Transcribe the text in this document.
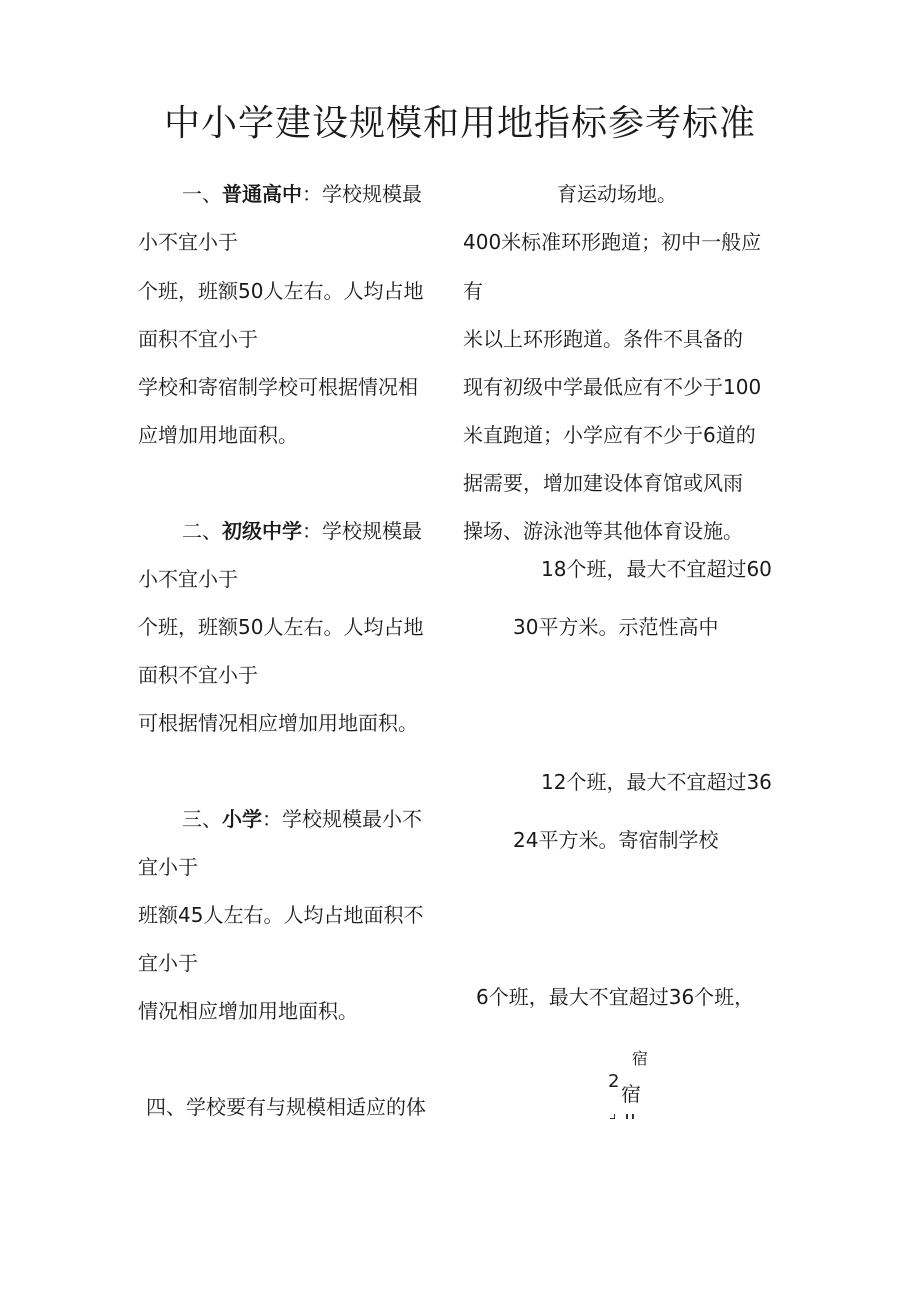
中小学建设规模和用地指标参考标准
一、普通高中：学校规模最
小不宜小于
个班，班额50人左右。人均占地
面积不宜小于
学校和寄宿制学校可根据情况相
应增加用地面积。
二、初级中学：学校规模最
小不宜小于
个班，班额50人左右。人均占地
面积不宜小于
可根据情况相应增加用地面积。
三、小学：学校规模最小不
宜小于
班额45人左右。人均占地面积不
宜小于
情况相应增加用地面积。
四、学校要有与规模相适应的体
育运动场地。
400米标准环形跑道；初中一般应
有
米以上环形跑道。条件不具备的
现有初级中学最低应有不少于100
米直跑道；小学应有不少于6道的
据需要，增加建设体育馆或风雨
操场、游泳池等其他体育设施。
18个班，最大不宜超过60
30平方米。示范性高中
12个班，最大不宜超过36
24平方米。寄宿制学校
6个班，最大不宜超过36个班，
宿
2
宿
